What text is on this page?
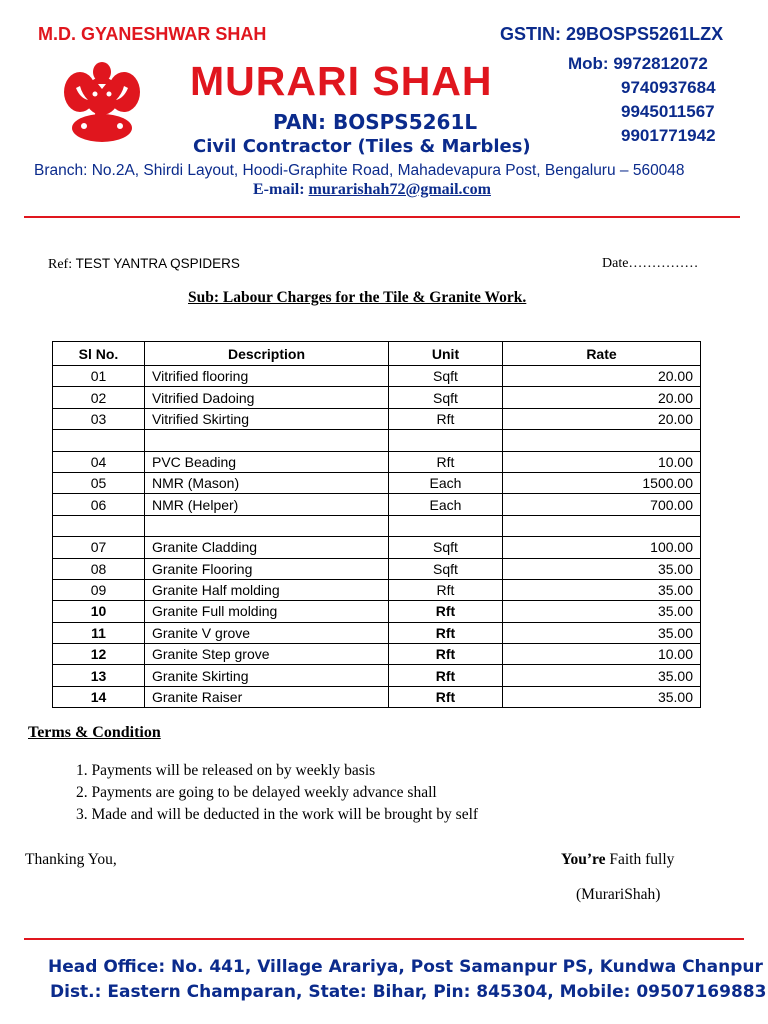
M.D. GYANESHWAR SHAH	GSTIN: 29BOSPS5261LZX
MURARI SHAH	Mob: 9972812072
9740937684
9945011567
9901771942
PAN: BOSPS5261L
Civil Contractor (Tiles & Marbles)
Branch: No.2A, Shirdi Layout, Hoodi-Graphite Road, Mahadevapura Post, Bengaluru – 560048
E-mail: murarishah72@gmail.com
Ref: TEST YANTRA QSPIDERS	Date……………
Sub: Labour Charges for the Tile & Granite Work.
Sl No.	Description	Unit	Rate
01	Vitrified flooring	Sqft	20.00
02	Vitrified Dadoing	Sqft	20.00
03	Vitrified Skirting	Rft	20.00

04	PVC Beading	Rft	10.00
05	NMR (Mason)	Each	1500.00
06	NMR (Helper)	Each	700.00

07	Granite Cladding	Sqft	100.00
08	Granite Flooring	Sqft	35.00
09	Granite Half molding	Rft	35.00
10	Granite Full molding	Rft	35.00
11	Granite V grove	Rft	35.00
12	Granite Step grove	Rft	10.00
13	Granite Skirting	Rft	35.00
14	Granite Raiser	Rft	35.00
Terms & Condition
1. Payments will be released on by weekly basis
2. Payments are going to be delayed weekly advance shall
3. Made and will be deducted in the work will be brought by self
Thanking You,	You’re Faith fully
(MurariShah)
Head Office: No. 441, Village Arariya, Post Samanpur PS, Kundwa Chanpur
Dist.: Eastern Champaran, State: Bihar, Pin: 845304, Mobile: 09507169883
